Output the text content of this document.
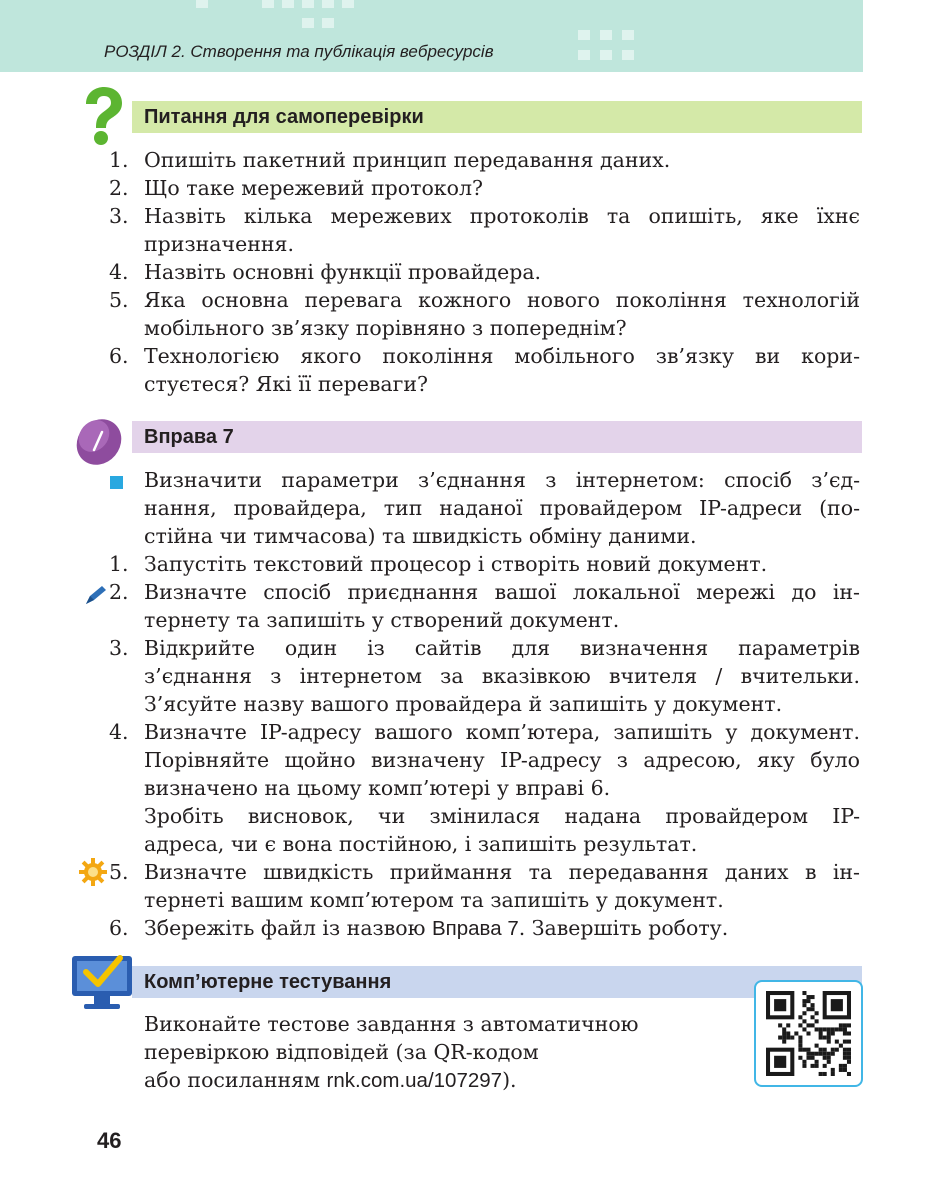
РОЗДІЛ 2. Створення та публікація вебресурсів
Питання для самоперевірки
1. Опишіть пакетний принцип передавання даних.
2. Що таке мережевий протокол?
3. Назвіть кілька мережевих протоколів та опишіть, яке їхнє
призначення.
4. Назвіть основні функції провайдера.
5. Яка основна перевага кожного нового покоління технологій
мобільного зв’язку порівняно з попереднім?
6. Технологією якого покоління мобільного зв’язку ви кори-
стуєтеся? Які її переваги?
Вправа 7
Визначити параметри з’єднання з інтернетом: спосіб з’єд-
нання, провайдера, тип наданої провайдером IP-адреси (по-
стійна чи тимчасова) та швидкість обміну даними.
1. Запустіть текстовий процесор і створіть новий документ.
2. Визначте спосіб приєднання вашої локальної мережі до ін-
тернету та запишіть у створений документ.
3. Відкрийте один із сайтів для визначення параметрів
з’єднання з інтернетом за вказівкою вчителя / вчительки.
З’ясуйте назву вашого провайдера й запишіть у документ.
4. Визначте IP-адресу вашого комп’ютера, запишіть у документ.
Порівняйте щойно визначену IP-адресу з адресою, яку було
визначено на цьому комп’ютері у вправі 6.
Зробіть висновок, чи змінилася надана провайдером IP-
адреса, чи є вона постійною, і запишіть результат.
5. Визначте швидкість приймання та передавання даних в ін-
тернеті вашим комп’ютером та запишіть у документ.
6. Збережіть файл із назвою Вправа 7. Завершіть роботу.
Комп’ютерне тестування
Виконайте тестове завдання з автоматичною
перевіркою відповідей (за QR-кодом
або посиланням rnk.com.ua/107297).
46
